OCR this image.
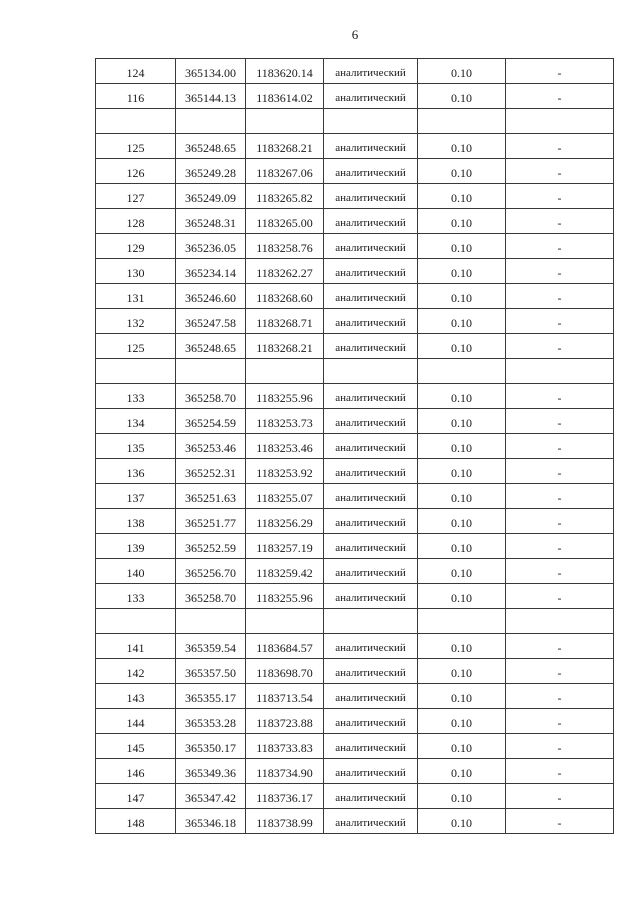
6
124	365134.00	1183620.14	аналитический	0.10	-
116	365144.13	1183614.02	аналитический	0.10	-

125	365248.65	1183268.21	аналитический	0.10	-
126	365249.28	1183267.06	аналитический	0.10	-
127	365249.09	1183265.82	аналитический	0.10	-
128	365248.31	1183265.00	аналитический	0.10	-
129	365236.05	1183258.76	аналитический	0.10	-
130	365234.14	1183262.27	аналитический	0.10	-
131	365246.60	1183268.60	аналитический	0.10	-
132	365247.58	1183268.71	аналитический	0.10	-
125	365248.65	1183268.21	аналитический	0.10	-

133	365258.70	1183255.96	аналитический	0.10	-
134	365254.59	1183253.73	аналитический	0.10	-
135	365253.46	1183253.46	аналитический	0.10	-
136	365252.31	1183253.92	аналитический	0.10	-
137	365251.63	1183255.07	аналитический	0.10	-
138	365251.77	1183256.29	аналитический	0.10	-
139	365252.59	1183257.19	аналитический	0.10	-
140	365256.70	1183259.42	аналитический	0.10	-
133	365258.70	1183255.96	аналитический	0.10	-

141	365359.54	1183684.57	аналитический	0.10	-
142	365357.50	1183698.70	аналитический	0.10	-
143	365355.17	1183713.54	аналитический	0.10	-
144	365353.28	1183723.88	аналитический	0.10	-
145	365350.17	1183733.83	аналитический	0.10	-
146	365349.36	1183734.90	аналитический	0.10	-
147	365347.42	1183736.17	аналитический	0.10	-
148	365346.18	1183738.99	аналитический	0.10	-
